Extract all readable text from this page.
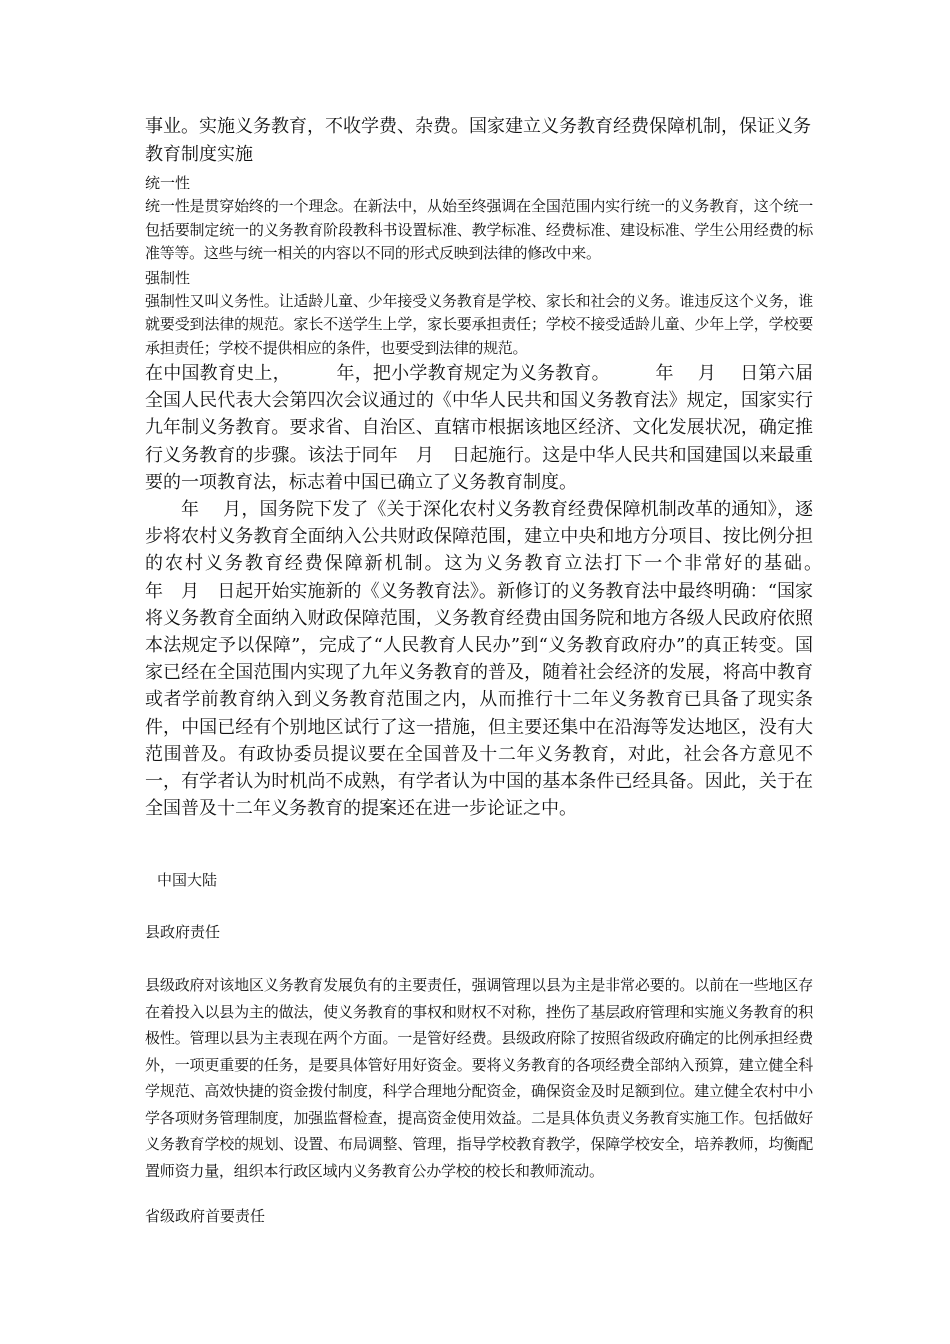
事业。实施义务教育，不收学费、杂费。国家建立义务教育经费保障机制，保证义务教育制度实施

统一性

统一性是贯穿始终的一个理念。在新法中，从始至终强调在全国范围内实行统一的义务教育，这个统一包括要制定统一的义务教育阶段教科书设置标准、教学标准、经费标准、建设标准、学生公用经费的标准等等。这些与统一相关的内容以不同的形式反映到法律的修改中来。

强制性

强制性又叫义务性。让适龄儿童、少年接受义务教育是学校、家长和社会的义务。谁违反这个义务，谁就要受到法律的规范。家长不送学生上学，家长要承担责任；学校不接受适龄儿童、少年上学，学校要承担责任；学校不提供相应的条件，也要受到法律的规范。

在中国教育史上，　　　年，把小学教育规定为义务教育。　　　年　 月　 日第六届全国人民代表大会第四次会议通过的《中华人民共和国义务教育法》规定，国家实行九年制义务教育。要求省、自治区、直辖市根据该地区经济、文化发展状况，确定推行义务教育的步骤。该法于同年　月　日起施行。这是中华人民共和国建国以来最重要的一项教育法，标志着中国已确立了义务教育制度。

年　 月，国务院下发了《关于深化农村义务教育经费保障机制改革的通知》，逐步将农村义务教育全面纳入公共财政保障范围，建立中央和地方分项目、按比例分担的农村义务教育经费保障新机制。这为义务教育立法打下一个非常好的基础。　　　年　月　日起开始实施新的《义务教育法》。新修订的义务教育法中最终明确：“国家将义务教育全面纳入财政保障范围，义务教育经费由国务院和地方各级人民政府依照本法规定予以保障”，完成了“人民教育人民办”到“义务教育政府办”的真正转变。国家已经在全国范围内实现了九年义务教育的普及，随着社会经济的发展，将高中教育或者学前教育纳入到义务教育范围之内，从而推行十二年义务教育已具备了现实条件，中国已经有个别地区试行了这一措施，但主要还集中在沿海等发达地区，没有大范围普及。有政协委员提议要在全国普及十二年义务教育，对此，社会各方意见不一，有学者认为时机尚不成熟，有学者认为中国的基本条件已经具备。因此，关于在全国普及十二年义务教育的提案还在进一步论证之中。

中国大陆

县政府责任

县级政府对该地区义务教育发展负有的主要责任，强调管理以县为主是非常必要的。以前在一些地区存在着投入以县为主的做法，使义务教育的事权和财权不对称，挫伤了基层政府管理和实施义务教育的积极性。管理以县为主表现在两个方面。一是管好经费。县级政府除了按照省级政府确定的比例承担经费外，一项更重要的任务，是要具体管好用好资金。要将义务教育的各项经费全部纳入预算，建立健全科学规范、高效快捷的资金拨付制度，科学合理地分配资金，确保资金及时足额到位。建立健全农村中小学各项财务管理制度，加强监督检查，提高资金使用效益。二是具体负责义务教育实施工作。包括做好义务教育学校的规划、设置、布局调整、管理，指导学校教育教学，保障学校安全，培养教师，均衡配置师资力量，组织本行政区域内义务教育公办学校的校长和教师流动。

省级政府首要责任
